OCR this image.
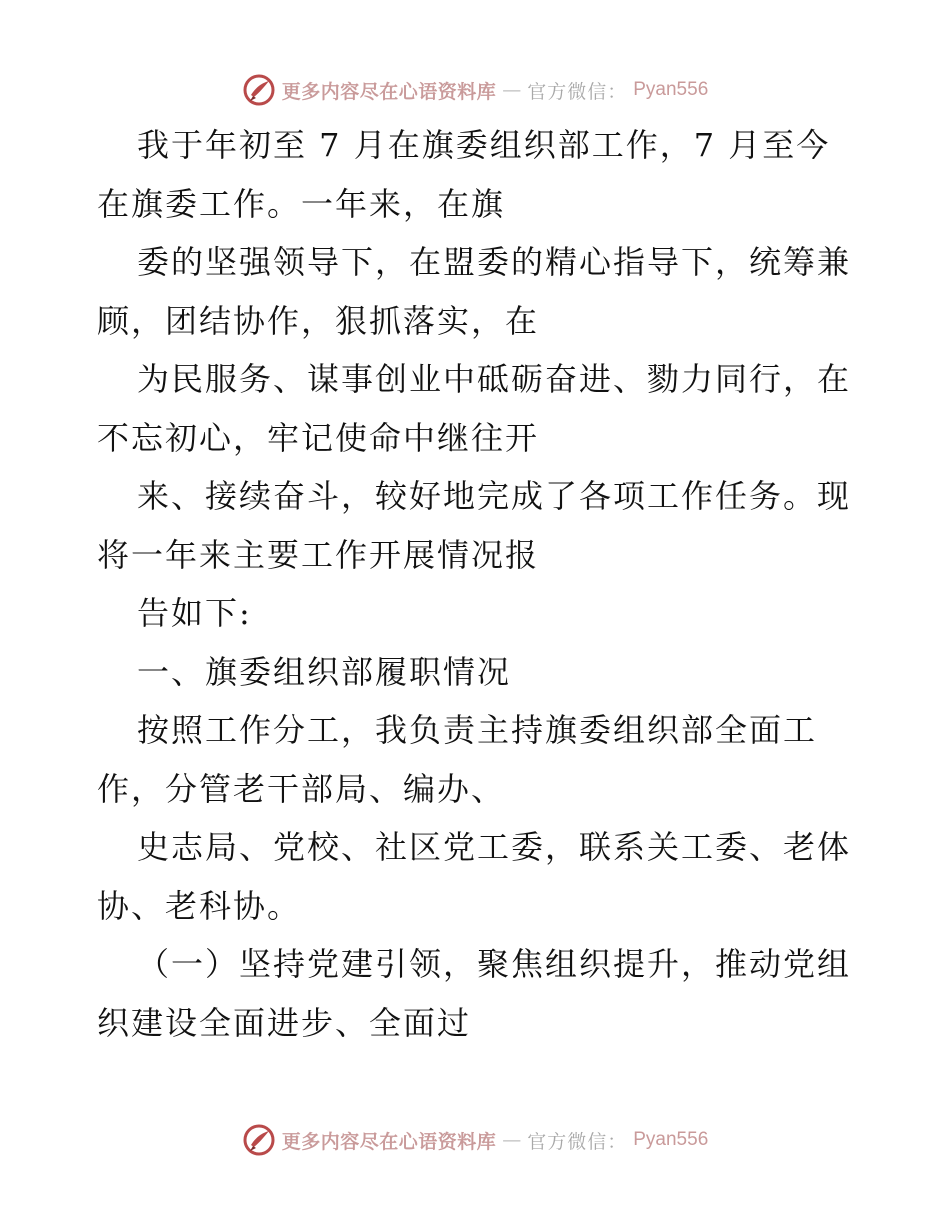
更多内容尽在心语资料库 — 官方微信： Pyan556
我于年初至 7 月在旗委组织部工作，7 月至今
在旗委工作。一年来，在旗
委的坚强领导下，在盟委的精心指导下，统筹兼
顾，团结协作，狠抓落实，在
为民服务、谋事创业中砥砺奋进、勠力同行，在
不忘初心，牢记使命中继往开
来、接续奋斗，较好地完成了各项工作任务。现
将一年来主要工作开展情况报
告如下:
一、旗委组织部履职情况
按照工作分工，我负责主持旗委组织部全面工
作，分管老干部局、编办、
史志局、党校、社区党工委，联系关工委、老体
协、老科协。
（一）坚持党建引领，聚焦组织提升，推动党组
织建设全面进步、全面过
更多内容尽在心语资料库 — 官方微信： Pyan556
